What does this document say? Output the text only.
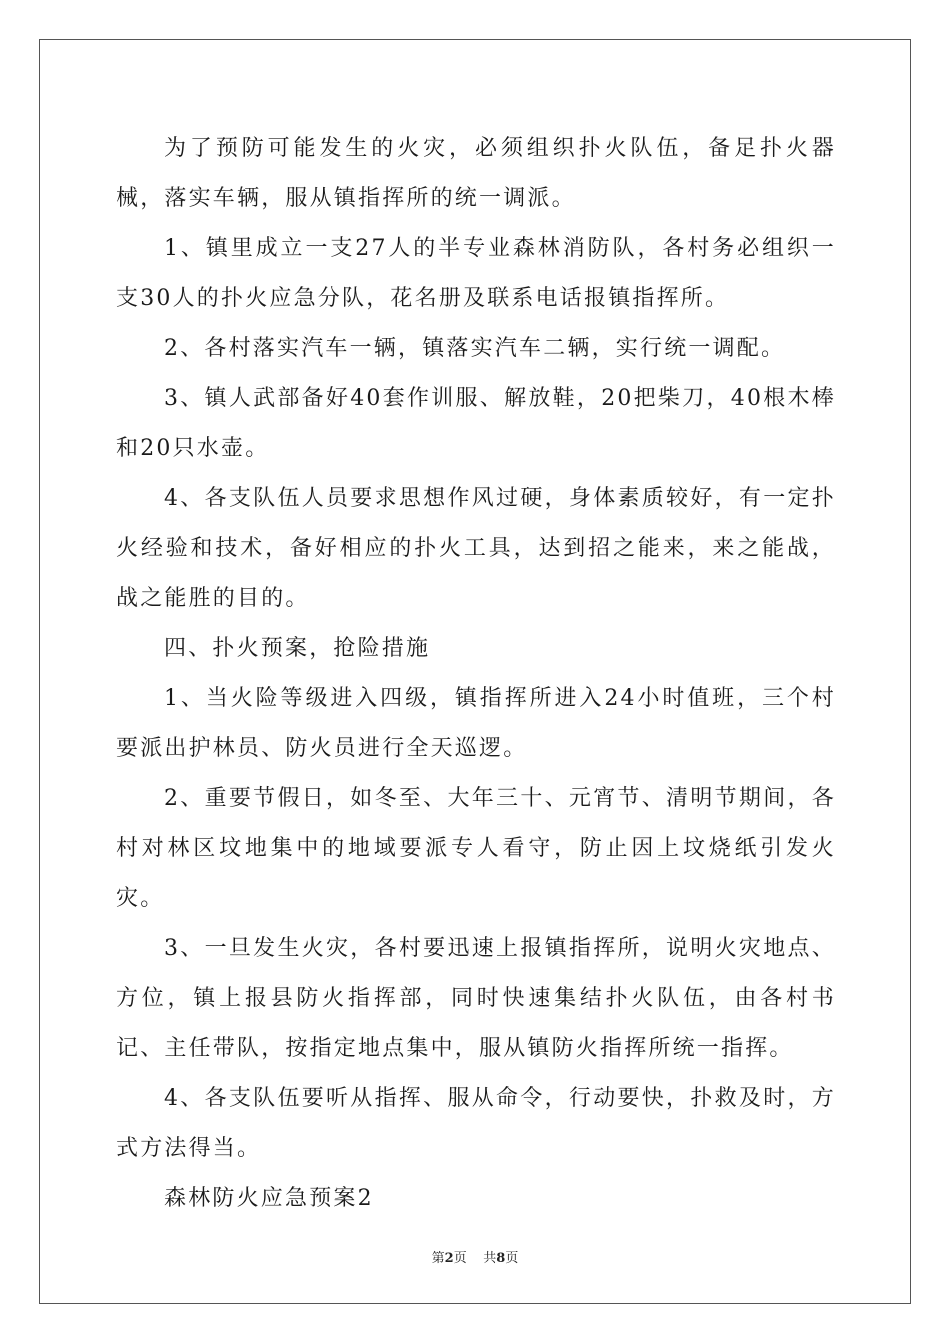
为了预防可能发生的火灾，必须组织扑火队伍，备足扑火器械，落实车辆，服从镇指挥所的统一调派。

1、镇里成立一支27人的半专业森林消防队，各村务必组织一支30人的扑火应急分队，花名册及联系电话报镇指挥所。

2、各村落实汽车一辆，镇落实汽车二辆，实行统一调配。

3、镇人武部备好40套作训服、解放鞋，20把柴刀，40根木棒和20只水壶。

4、各支队伍人员要求思想作风过硬，身体素质较好，有一定扑火经验和技术，备好相应的扑火工具，达到招之能来，来之能战，战之能胜的目的。

四、扑火预案，抢险措施

1、当火险等级进入四级，镇指挥所进入24小时值班，三个村要派出护林员、防火员进行全天巡逻。

2、重要节假日，如冬至、大年三十、元宵节、清明节期间，各村对林区坟地集中的地域要派专人看守，防止因上坟烧纸引发火灾。

3、一旦发生火灾，各村要迅速上报镇指挥所，说明火灾地点、方位，镇上报县防火指挥部，同时快速集结扑火队伍，由各村书记、主任带队，按指定地点集中，服从镇防火指挥所统一指挥。

4、各支队伍要听从指挥、服从命令，行动要快，扑救及时，方式方法得当。

森林防火应急预案2

第2页 共8页
